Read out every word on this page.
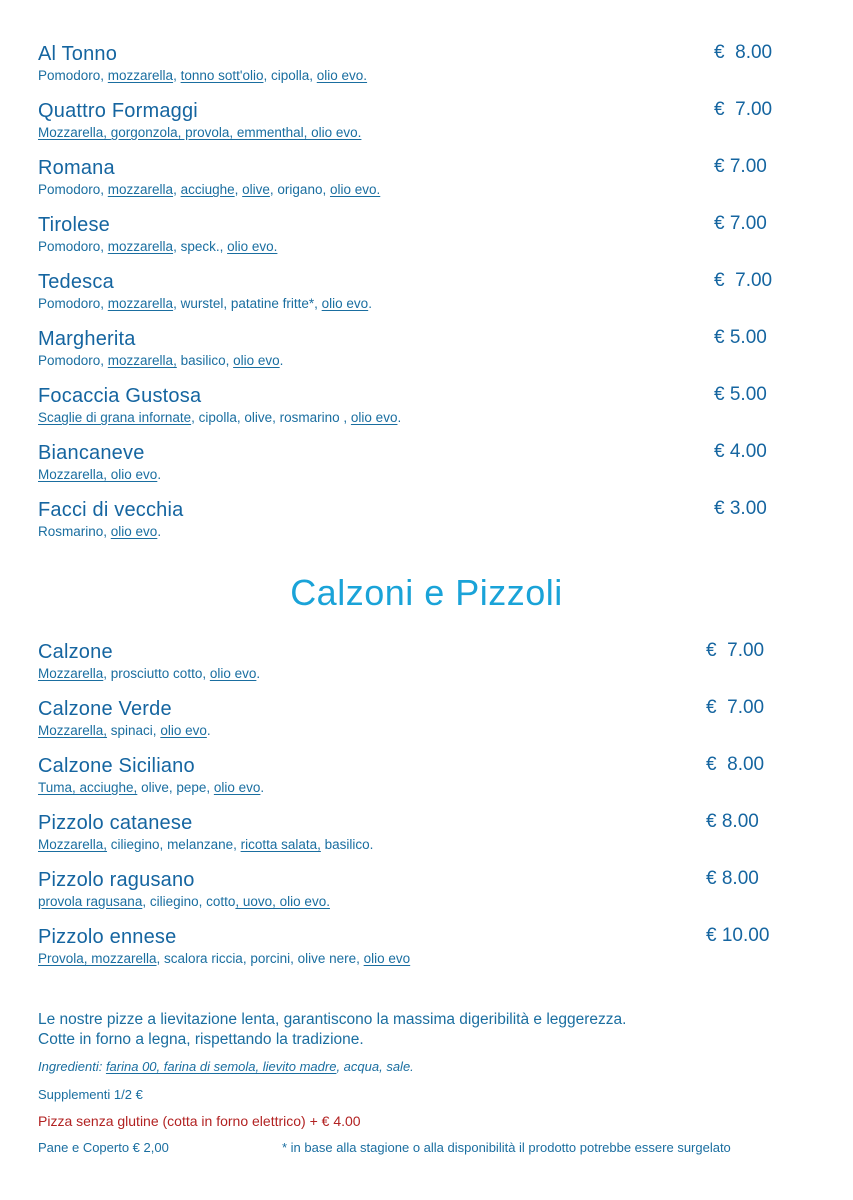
Al Tonno	€  8.00
Pomodoro, mozzarella, tonno sott'olio, cipolla, olio evo.
Quattro Formaggi	€  7.00
Mozzarella, gorgonzola, provola, emmenthal, olio evo.
Romana	€ 7.00
Pomodoro, mozzarella, acciughe, olive, origano, olio evo.
Tirolese	€ 7.00
Pomodoro, mozzarella, speck., olio evo.
Tedesca	€  7.00
Pomodoro, mozzarella, wurstel, patatine fritte*, olio evo.
Margherita	€ 5.00
Pomodoro, mozzarella, basilico, olio evo.
Focaccia Gustosa	€ 5.00
Scaglie di grana infornate, cipolla, olive, rosmarino , olio evo.
Biancaneve	€ 4.00
Mozzarella, olio evo.
Facci di vecchia	€ 3.00
Rosmarino, olio evo.
Calzoni e Pizzoli
Calzone	€  7.00
Mozzarella, prosciutto cotto, olio evo.
Calzone Verde	€  7.00
Mozzarella, spinaci, olio evo.
Calzone Siciliano	€  8.00
Tuma, acciughe, olive, pepe, olio evo.
Pizzolo catanese	€ 8.00
Mozzarella, ciliegino, melanzane, ricotta salata, basilico.
Pizzolo ragusano	€ 8.00
provola ragusana, ciliegino, cotto, uovo, olio evo.
Pizzolo ennese	€ 10.00
Provola, mozzarella, scalora riccia, porcini, olive nere, olio evo
Le nostre pizze a lievitazione lenta, garantiscono la massima digeribilità e leggerezza.
Cotte in forno a legna, rispettando la tradizione.
Ingredienti: farina 00, farina di semola, lievito madre, acqua, sale.
Supplementi 1/2 €
Pizza senza glutine (cotta in forno elettrico) + € 4.00
Pane e Coperto € 2,00	* in base alla stagione o alla disponibilità il prodotto potrebbe essere surgelato
